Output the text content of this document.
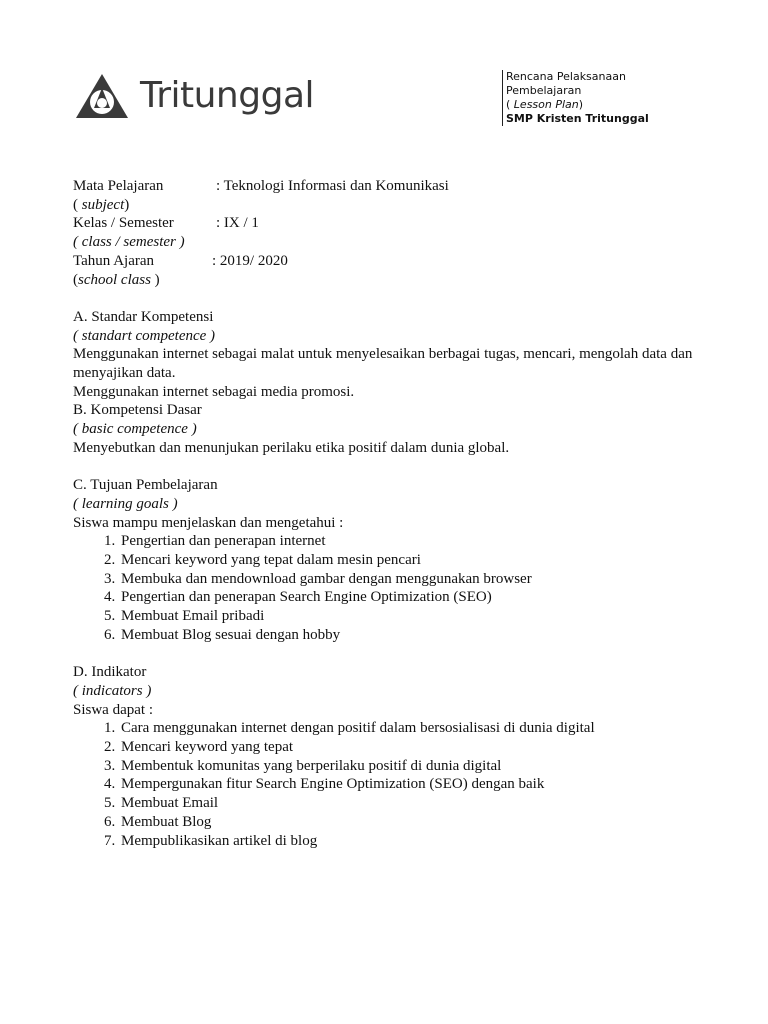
Tritunggal	Rencana Pelaksanaan
Pembelajaran
( Lesson Plan)
SMP Kristen Tritunggal
Mata Pelajaran	: Teknologi Informasi dan Komunikasi
( subject)
Kelas / Semester	: IX / 1
( class / semester )
Tahun Ajaran	: 2019/ 2020
(school class )
A. Standar Kompetensi
( standart competence )
Menggunakan internet sebagai malat untuk menyelesaikan berbagai tugas, mencari, mengolah data dan menyajikan data.
Menggunakan internet sebagai media promosi.
B. Kompetensi Dasar
( basic competence )
Menyebutkan dan menunjukan perilaku etika positif dalam dunia global.
C. Tujuan Pembelajaran
( learning goals )
Siswa mampu menjelaskan dan mengetahui :
1. Pengertian dan penerapan internet
2. Mencari keyword yang tepat dalam mesin pencari
3. Membuka dan mendownload gambar dengan menggunakan browser
4. Pengertian dan penerapan Search Engine Optimization (SEO)
5. Membuat Email pribadi
6. Membuat Blog sesuai dengan hobby
D. Indikator
( indicators )
Siswa dapat :
1. Cara menggunakan internet dengan positif dalam bersosialisasi di dunia digital
2. Mencari keyword yang tepat
3. Membentuk komunitas yang berperilaku positif di dunia digital
4. Mempergunakan fitur Search Engine Optimization (SEO) dengan baik
5. Membuat Email
6. Membuat Blog
7. Mempublikasikan artikel di blog
